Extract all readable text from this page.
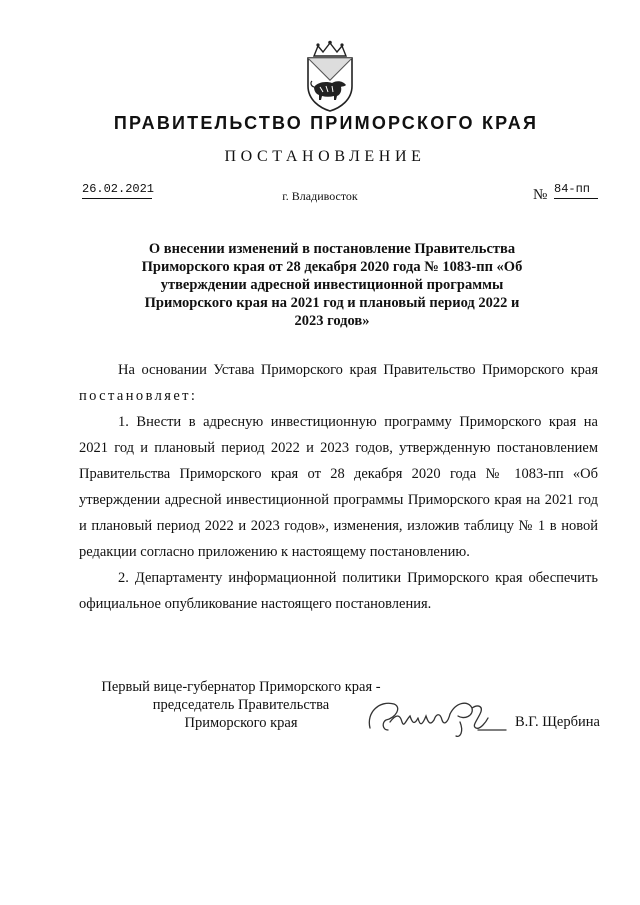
ПРАВИТЕЛЬСТВО ПРИМОРСКОГО КРАЯ
ПОСТАНОВЛЕНИЕ
26.02.2021	г. Владивосток	№ 84-пп
О внесении изменений в постановление Правительства Приморского края от 28 декабря 2020 года № 1083-пп «Об утверждении адресной инвестиционной программы Приморского края на 2021 год и плановый период 2022 и 2023 годов»

На основании Устава Приморского края Правительство Приморского края постановляет:

1. Внести в адресную инвестиционную программу Приморского края на 2021 год и плановый период 2022 и 2023 годов, утвержденную постановлением Правительства Приморского края от 28 декабря 2020 года № 1083-пп «Об утверждении адресной инвестиционной программы Приморского края на 2021 год и плановый период 2022 и 2023 годов», изменения, изложив таблицу № 1 в новой редакции согласно приложению к настоящему постановлению.

2. Департаменту информационной политики Приморского края обеспечить официальное опубликование настоящего постановления.

Первый вице-губернатор Приморского края -
председатель Правительства
Приморского края	В.Г. Щербина
